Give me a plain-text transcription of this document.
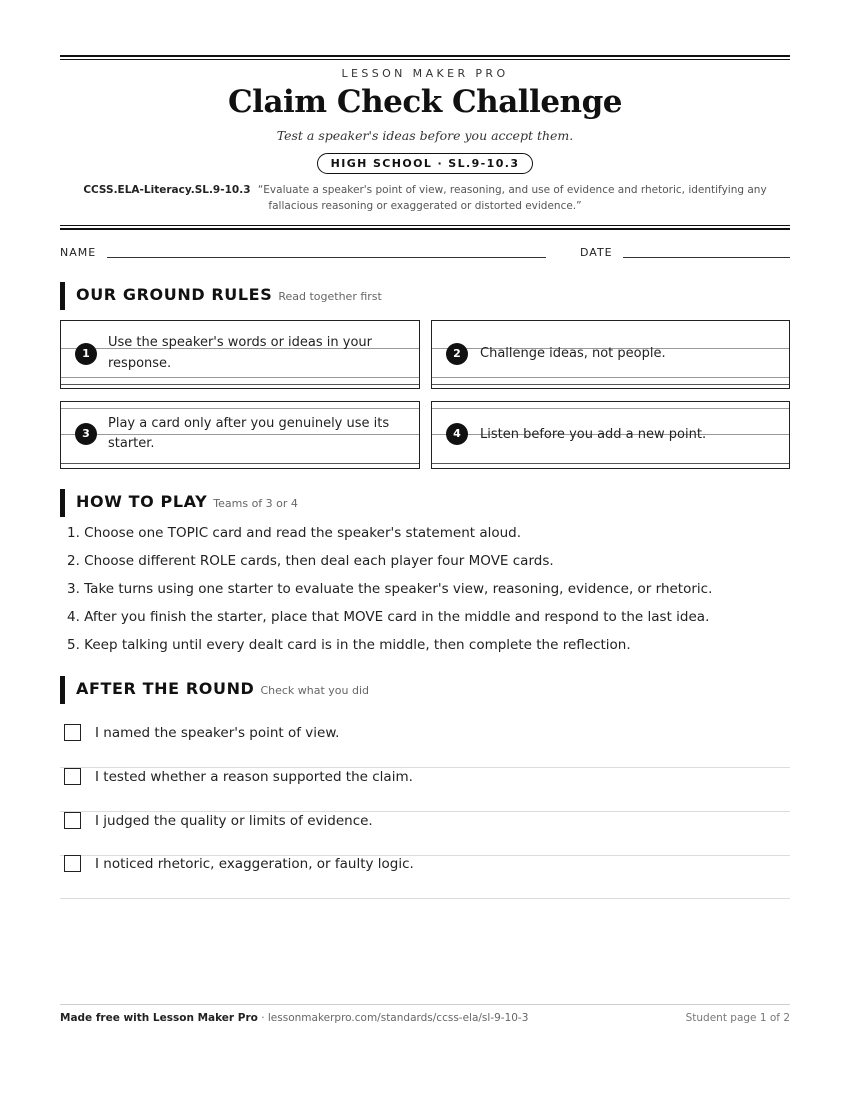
LESSON MAKER PRO
Claim Check Challenge
Test a speaker's ideas before you accept them.
HIGH SCHOOL · SL.9-10.3
CCSS.ELA-Literacy.SL.9-10.3 “Evaluate a speaker's point of view, reasoning, and use of evidence and rhetoric, identifying any fallacious reasoning or exaggerated or distorted evidence.”
NAME	DATE
OUR GROUND RULES Read together first
1
Use the speaker's words or ideas in your response.
2	Challenge ideas, not people.
3
Play a card only after you genuinely use its starter.
4	Listen before you add a new point.
HOW TO PLAY Teams of 3 or 4
1. Choose one TOPIC card and read the speaker's statement aloud.
2. Choose different ROLE cards, then deal each player four MOVE cards.
3. Take turns using one starter to evaluate the speaker's view, reasoning, evidence, or rhetoric.
4. After you finish the starter, place that MOVE card in the middle and respond to the last idea.
5. Keep talking until every dealt card is in the middle, then complete the reflection.
AFTER THE ROUND Check what you did
I named the speaker's point of view.
I tested whether a reason supported the claim.
I judged the quality or limits of evidence.
I noticed rhetoric, exaggeration, or faulty logic.
Made free with Lesson Maker Pro · lessonmakerpro.com/standards/ccss-ela/sl-9-10-3	Student page 1 of 2
